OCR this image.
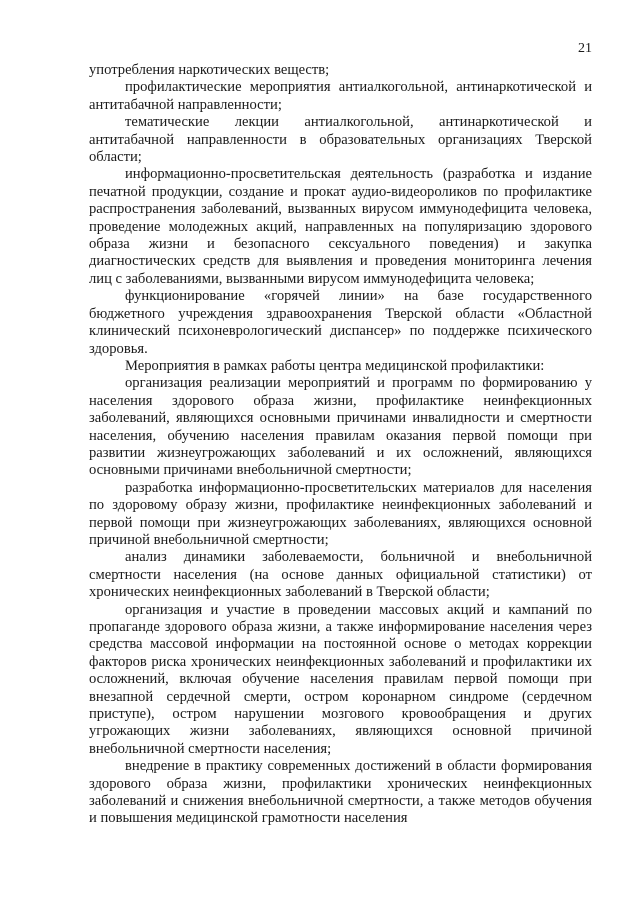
21

употребления наркотических веществ;

профилактические мероприятия антиалкогольной, антинаркотической и антитабачной направленности;

тематические лекции антиалкогольной, антинаркотической и антитабачной направленности в образовательных организациях Тверской области;

информационно-просветительская деятельность (разработка и издание печатной продукции, создание и прокат аудио-видеороликов по профилактике распространения заболеваний, вызванных вирусом иммунодефицита человека, проведение молодежных акций, направленных на популяризацию здорового образа жизни и безопасного сексуального поведения) и закупка диагностических средств для выявления и проведения мониторинга лечения лиц с заболеваниями, вызванными вирусом иммунодефицита человека;

функционирование «горячей линии» на базе государственного бюджетного учреждения здравоохранения Тверской области «Областной клинический психоневрологический диспансер» по поддержке психического здоровья.

Мероприятия в рамках работы центра медицинской профилактики:

организация реализации мероприятий и программ по формированию у населения здорового образа жизни, профилактике неинфекционных заболеваний, являющихся основными причинами инвалидности и смертности населения, обучению населения правилам оказания первой помощи при развитии жизнеугрожающих заболеваний и их осложнений, являющихся основными причинами внебольничной смертности;

разработка информационно-просветительских материалов для населения по здоровому образу жизни, профилактике неинфекционных заболеваний и первой помощи при жизнеугрожающих заболеваниях, являющихся основной причиной внебольничной смертности;

анализ динамики заболеваемости, больничной и внебольничной смертности населения (на основе данных официальной статистики) от хронических неинфекционных заболеваний в Тверской области;

организация и участие в проведении массовых акций и кампаний по пропаганде здорового образа жизни, а также информирование населения через средства массовой информации на постоянной основе о методах коррекции факторов риска хронических неинфекционных заболеваний и профилактики их осложнений, включая обучение населения правилам первой помощи при внезапной сердечной смерти, остром коронарном синдроме (сердечном приступе), остром нарушении мозгового кровообращения и других угрожающих жизни заболеваниях, являющихся основной причиной внебольничной смертности населения;

внедрение в практику современных достижений в области формирования здорового образа жизни, профилактики хронических неинфекционных заболеваний и снижения внебольничной смертности, а также методов обучения и повышения медицинской грамотности населения
